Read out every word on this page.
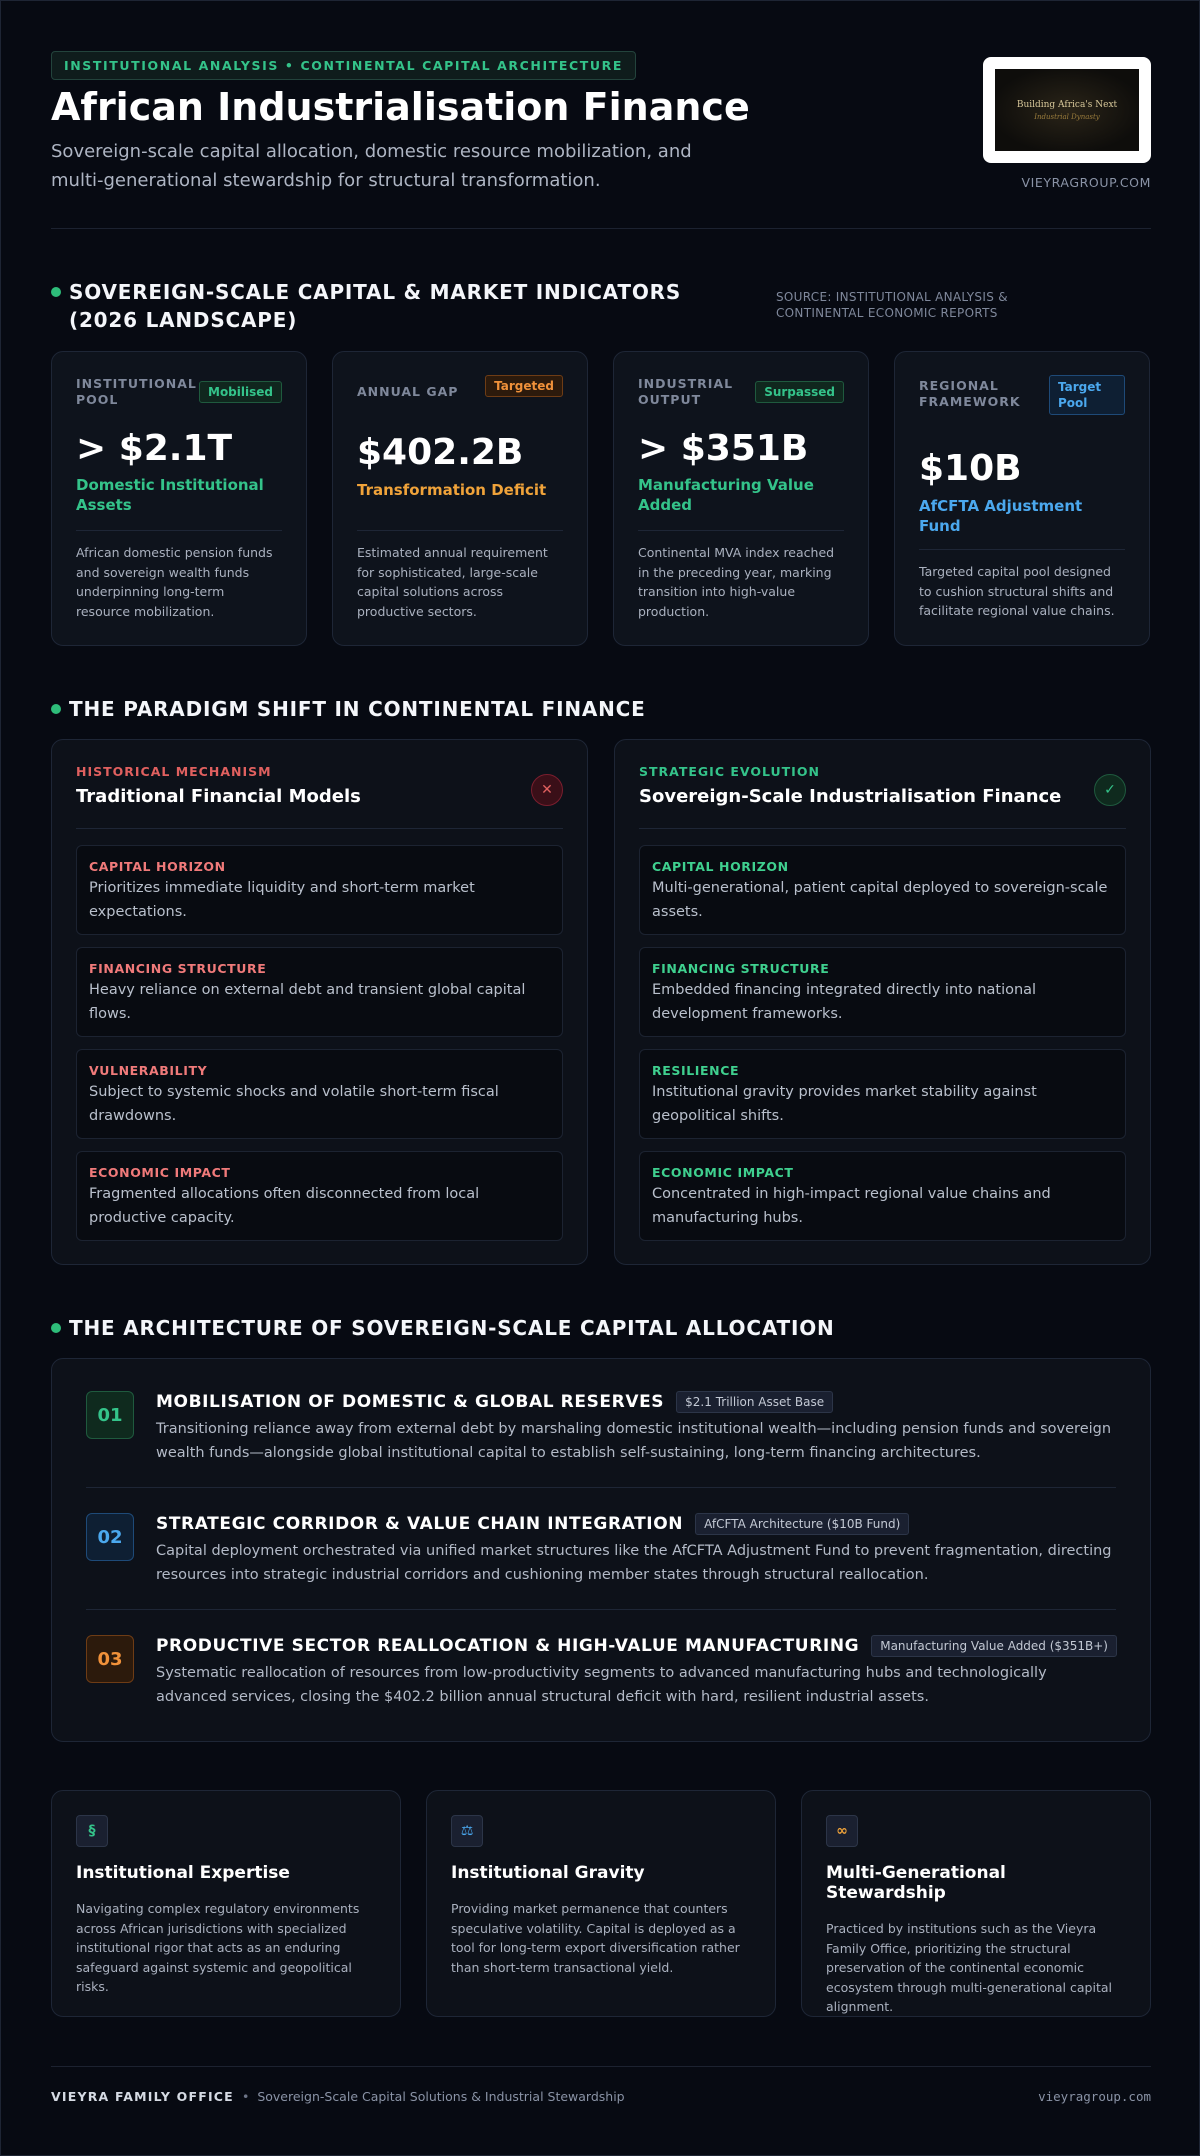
INSTITUTIONAL ANALYSIS • CONTINENTAL CAPITAL ARCHITECTURE
African Industrialisation Finance
Sovereign-scale capital allocation, domestic resource mobilization, and multi-generational stewardship for structural transformation.
Building Africa's Next
Industrial Dynasty
VIEYRAGROUP.COM
SOVEREIGN-SCALE CAPITAL & MARKET INDICATORS (2026 LANDSCAPE)
SOURCE: INSTITUTIONAL ANALYSIS & CONTINENTAL ECONOMIC REPORTS
INSTITUTIONAL POOL	Mobilised
> $2.1T
Domestic Institutional Assets
African domestic pension funds and sovereign wealth funds underpinning long-term resource mobilization.
ANNUAL GAP	Targeted
$402.2B
Transformation Deficit
Estimated annual requirement for sophisticated, large-scale capital solutions across productive sectors.
INDUSTRIAL OUTPUT	Surpassed
> $351B
Manufacturing Value Added
Continental MVA index reached in the preceding year, marking transition into high-value production.
REGIONAL FRAMEWORK
Target Pool
$10B
AfCFTA Adjustment Fund
Targeted capital pool designed to cushion structural shifts and facilitate regional value chains.
THE PARADIGM SHIFT IN CONTINENTAL FINANCE
HISTORICAL MECHANISM
Traditional Financial Models	✕
CAPITAL HORIZON
Prioritizes immediate liquidity and short-term market expectations.
FINANCING STRUCTURE
Heavy reliance on external debt and transient global capital flows.
VULNERABILITY
Subject to systemic shocks and volatile short-term fiscal drawdowns.
ECONOMIC IMPACT
Fragmented allocations often disconnected from local productive capacity.
STRATEGIC EVOLUTION
Sovereign-Scale Industrialisation Finance	✓
CAPITAL HORIZON
Multi-generational, patient capital deployed to sovereign-scale assets.
FINANCING STRUCTURE
Embedded financing integrated directly into national development frameworks.
RESILIENCE
Institutional gravity provides market stability against geopolitical shifts.
ECONOMIC IMPACT
Concentrated in high-impact regional value chains and manufacturing hubs.
THE ARCHITECTURE OF SOVEREIGN-SCALE CAPITAL ALLOCATION
01
MOBILISATION OF DOMESTIC & GLOBAL RESERVES	$2.1 Trillion Asset Base
Transitioning reliance away from external debt by marshaling domestic institutional wealth—including pension funds and sovereign wealth funds—alongside global institutional capital to establish self-sustaining, long-term financing architectures.
02
STRATEGIC CORRIDOR & VALUE CHAIN INTEGRATION	AfCFTA Architecture ($10B Fund)
Capital deployment orchestrated via unified market structures like the AfCFTA Adjustment Fund to prevent fragmentation, directing resources into strategic industrial corridors and cushioning member states through structural reallocation.
03
PRODUCTIVE SECTOR REALLOCATION & HIGH-VALUE MANUFACTURING	Manufacturing Value Added ($351B+)
Systematic reallocation of resources from low-productivity segments to advanced manufacturing hubs and technologically advanced services, closing the $402.2 billion annual structural deficit with hard, resilient industrial assets.
§
Institutional Expertise
Navigating complex regulatory environments across African jurisdictions with specialized institutional rigor that acts as an enduring safeguard against systemic and geopolitical risks.
⚖
Institutional Gravity
Providing market permanence that counters speculative volatility. Capital is deployed as a tool for long-term export diversification rather than short-term transactional yield.
∞
Multi-Generational Stewardship
Practiced by institutions such as the Vieyra Family Office, prioritizing the structural preservation of the continental economic ecosystem through multi-generational capital alignment.
VIEYRA FAMILY OFFICE • Sovereign-Scale Capital Solutions & Industrial Stewardship	vieyragroup.com
